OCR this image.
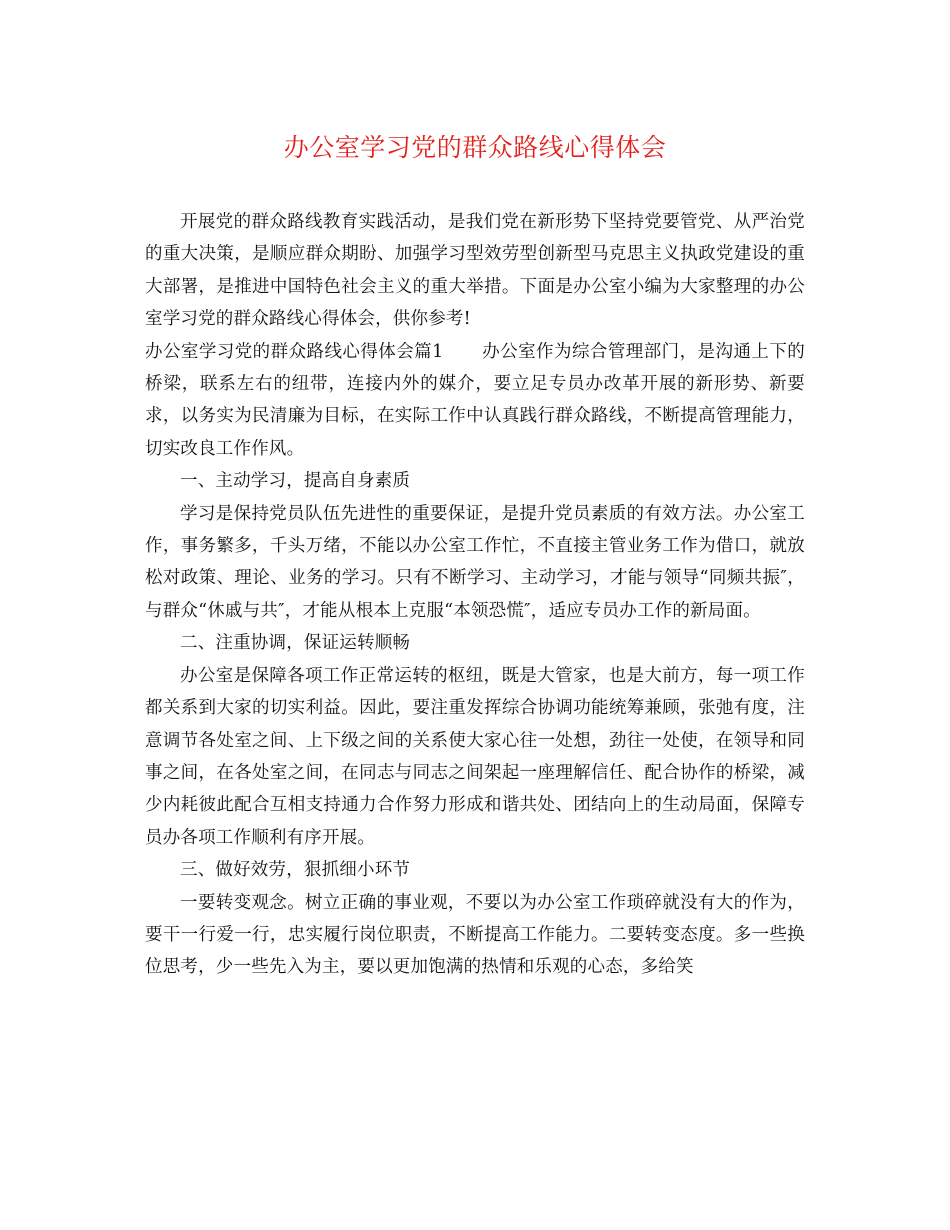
办公室学习党的群众路线心得体会

开展党的群众路线教育实践活动，是我们党在新形势下坚持党要管党、从严治党的重大决策，是顺应群众期盼、加强学习型效劳型创新型马克思主义执政党建设的重大部署，是推进中国特色社会主义的重大举措。下面是办公室小编为大家整理的办公室学习党的群众路线心得体会，供你参考!

办公室学习党的群众路线心得体会篇1 办公室作为综合管理部门，是沟通上下的桥梁，联系左右的纽带，连接内外的媒介，要立足专员办改革开展的新形势、新要求，以务实为民清廉为目标，在实际工作中认真践行群众路线，不断提高管理能力，切实改良工作作风。

一、主动学习，提高自身素质

学习是保持党员队伍先进性的重要保证，是提升党员素质的有效方法。办公室工作，事务繁多，千头万绪，不能以办公室工作忙，不直接主管业务工作为借口，就放松对政策、理论、业务的学习。只有不断学习、主动学习，才能与领导“同频共振″，与群众“休戚与共″，才能从根本上克服“本领恐慌″，适应专员办工作的新局面。

二、注重协调，保证运转顺畅

办公室是保障各项工作正常运转的枢纽，既是大管家，也是大前方，每一项工作都关系到大家的切实利益。因此，要注重发挥综合协调功能统筹兼顾，张弛有度，注意调节各处室之间、上下级之间的关系使大家心往一处想，劲往一处使，在领导和同事之间，在各处室之间，在同志与同志之间架起一座理解信任、配合协作的桥梁，减少内耗彼此配合互相支持通力合作努力形成和谐共处、团结向上的生动局面，保障专员办各项工作顺利有序开展。

三、做好效劳，狠抓细小环节

一要转变观念。树立正确的事业观，不要以为办公室工作琐碎就没有大的作为，要干一行爱一行，忠实履行岗位职责，不断提高工作能力。二要转变态度。多一些换位思考，少一些先入为主，要以更加饱满的热情和乐观的心态，多给笑
